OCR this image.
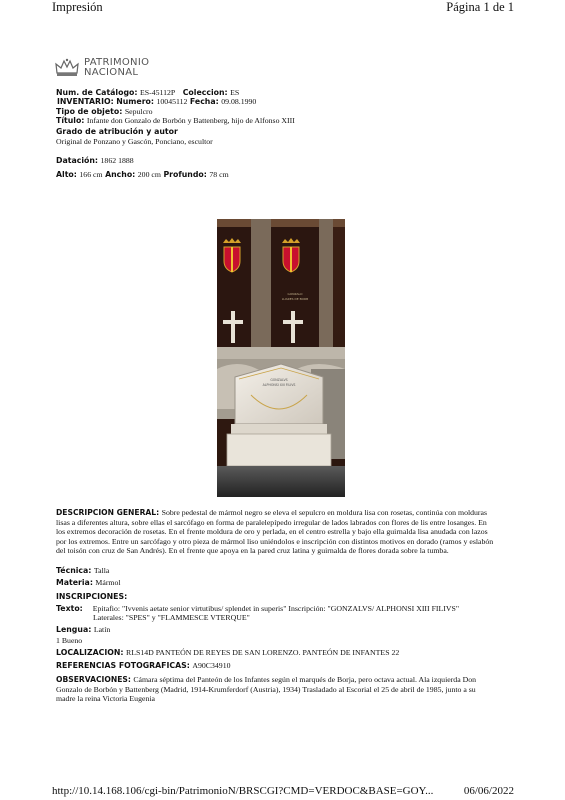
Impresión	Página 1 de 1
PATRIMONIO
NACIONAL
Num. de Catálogo: ES-45112P Coleccion: ES
INVENTARIO: Numero: 10045112 Fecha: 09.08.1990
Tipo de objeto: Sepulcro
Título: Infante don Gonzalo de Borbón y Battenberg, hijo de Alfonso XIII
Grado de atribución y autor
Original de Ponzano y Gascón, Ponciano, escultor
Datación: 1862 1888
Alto: 166 cm Ancho: 200 cm Profundo: 78 cm
GONZALO
LUARES DE BORB
GONZALVS
ALPHONSI XIII FILIVS
DESCRIPCION GENERAL: Sobre pedestal de mármol negro se eleva el sepulcro en moldura lisa con rosetas, continúa con molduras lisas a diferentes altura, sobre ellas el sarcófago en forma de paralelepípedo irregular de lados labrados con flores de lis entre losanges. En los extremos decoración de rosetas. En el frente moldura de oro y perlada, en el centro estrella y bajo ella guirnalda lisa anudada con lazos por los extremos. Entre un sarcófago y otro pieza de mármol liso uniéndolos e inscripción con distintos motivos en dorado (ramos y eslabón del toisón con cruz de San Andrés). En el frente que apoya en la pared cruz latina y guirnalda de flores dorada sobre la tumba.
Técnica: Talla
Materia: Mármol
INSCRIPCIONES:
Texto: Epitafio: "Ivvenis aetate senior virtutibus/ splendet in superis" Inscripción: "GONZALVS/ ALPHONSI XIII FILIVS"
Laterales: "SPES" y "FLAMMESCE VTERQUE"
Lengua: Latín
1 Bueno
LOCALIZACION: RLS14D PANTEÓN DE REYES DE SAN LORENZO. PANTEÓN DE INFANTES 22
REFERENCIAS FOTOGRAFICAS: A90C34910
OBSERVACIONES: Cámara séptima del Panteón de los Infantes según el marqués de Borja, pero octava actual. Ala izquierda Don Gonzalo de Borbón y Battenberg (Madrid, 1914-Krumferdorf (Austria), 1934) Trasladado al Escorial el 25 de abril de 1985, junto a su madre la reina Victoria Eugenia
http://10.14.168.106/cgi-bin/PatrimonioN/BRSCGI?CMD=VERDOC&BASE=GOY...	06/06/2022
